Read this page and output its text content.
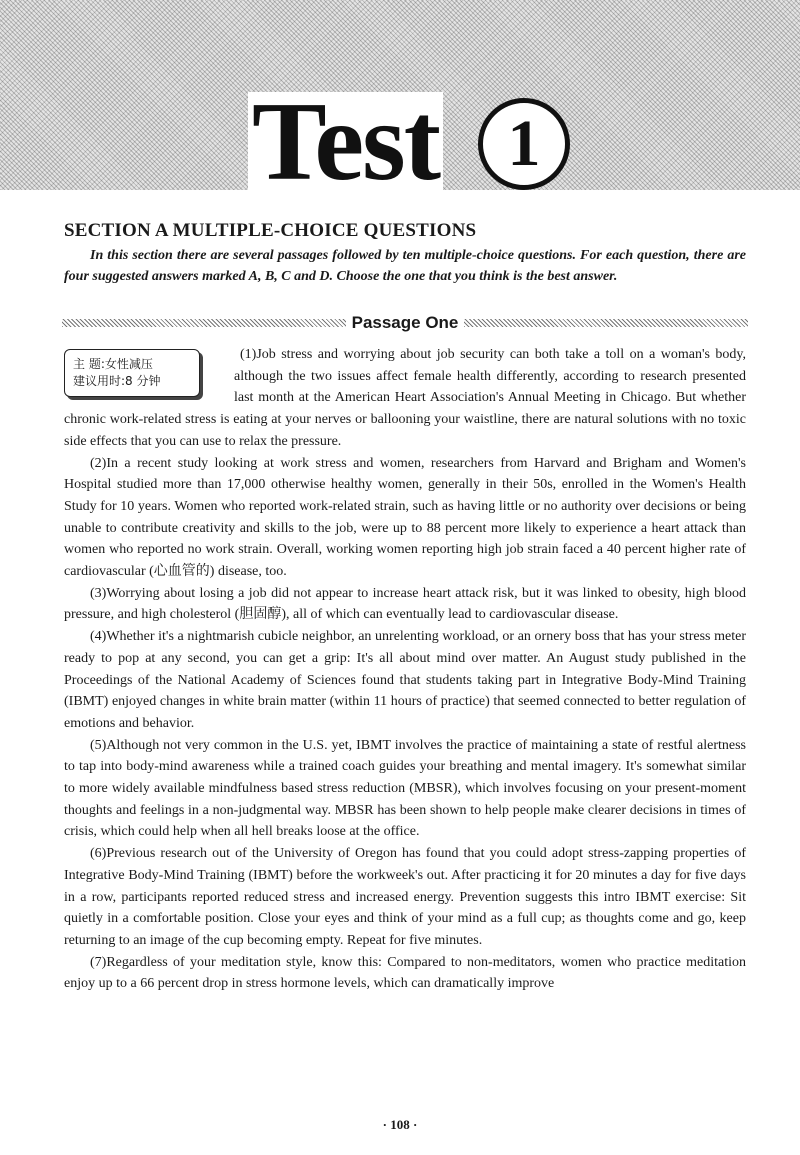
Test	1
SECTION A MULTIPLE-CHOICE QUESTIONS
In this section there are several passages followed by ten multiple-choice questions. For each question, there are four suggested answers marked A, B, C and D. Choose the one that you think is the best answer.
Passage One
主 题:女性减压
建议用时:8 分钟

(1)Job stress and worrying about job security can both take a toll on a woman's body, although the two issues affect female health differently, according to research presented last month at the American Heart Association's Annual Meeting in Chicago. But whether chronic work-related stress is eating at your nerves or ballooning your waistline, there are natural solutions with no toxic side effects that you can use to relax the pressure.

(2)In a recent study looking at work stress and women, researchers from Harvard and Brigham and Women's Hospital studied more than 17,000 otherwise healthy women, generally in their 50s, enrolled in the Women's Health Study for 10 years. Women who reported work-related strain, such as having little or no authority over decisions or being unable to contribute creativity and skills to the job, were up to 88 percent more likely to experience a heart attack than women who reported no work strain. Overall, working women reporting high job strain faced a 40 percent higher rate of cardiovascular (心血管的) disease, too.

(3)Worrying about losing a job did not appear to increase heart attack risk, but it was linked to obesity, high blood pressure, and high cholesterol (胆固醇), all of which can eventually lead to cardiovascular disease.

(4)Whether it's a nightmarish cubicle neighbor, an unrelenting workload, or an ornery boss that has your stress meter ready to pop at any second, you can get a grip: It's all about mind over matter. An August study published in the Proceedings of the National Academy of Sciences found that students taking part in Integrative Body-Mind Training (IBMT) enjoyed changes in white brain matter (within 11 hours of practice) that seemed connected to better regulation of emotions and behavior.

(5)Although not very common in the U.S. yet, IBMT involves the practice of maintaining a state of restful alertness to tap into body-mind awareness while a trained coach guides your breathing and mental imagery. It's somewhat similar to more widely available mindfulness based stress reduction (MBSR), which involves focusing on your present-moment thoughts and feelings in a non-judgmental way. MBSR has been shown to help people make clearer decisions in times of crisis, which could help when all hell breaks loose at the office.

(6)Previous research out of the University of Oregon has found that you could adopt stress-zapping properties of Integrative Body-Mind Training (IBMT) before the workweek's out. After practicing it for 20 minutes a day for five days in a row, participants reported reduced stress and increased energy. Prevention suggests this intro IBMT exercise: Sit quietly in a comfortable position. Close your eyes and think of your mind as a full cup; as thoughts come and go, keep returning to an image of the cup becoming empty. Repeat for five minutes.

(7)Regardless of your meditation style, know this: Compared to non-meditators, women who practice meditation enjoy up to a 66 percent drop in stress hormone levels, which can dramatically improve

· 108 ·
